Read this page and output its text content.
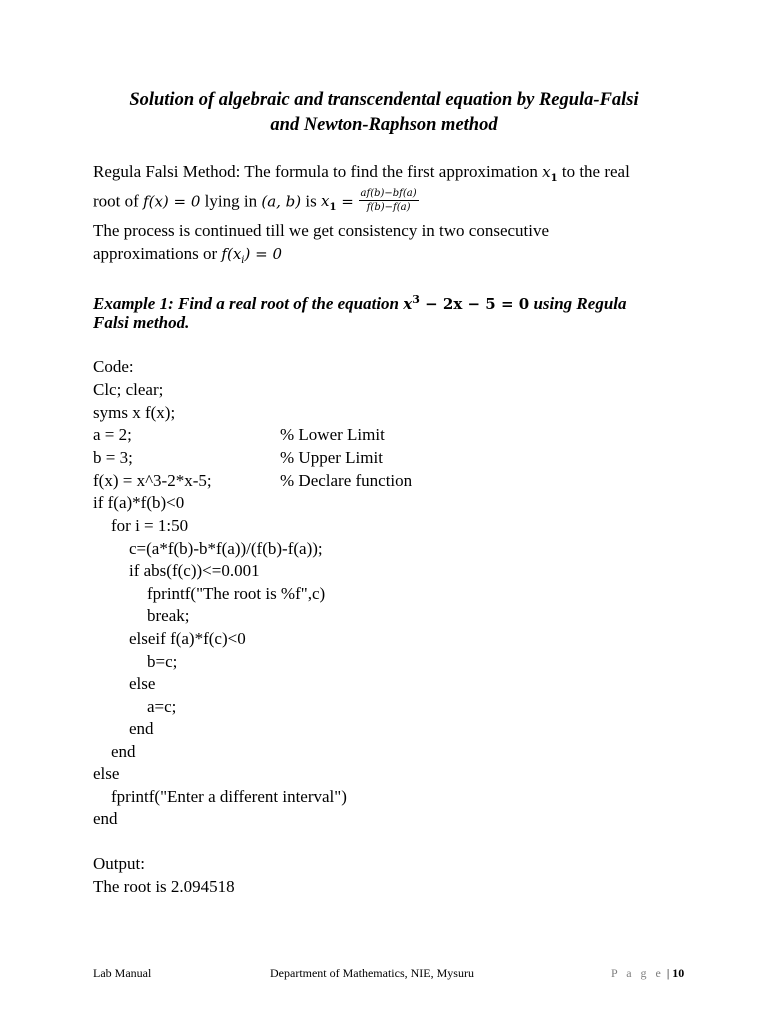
Solution of algebraic and transcendental equation by Regula-Falsi
and Newton-Raphson method
Regula Falsi Method: The formula to find the first approximation $x_1$ to the real
root of f(x) = 0 lying in (a, b) is $x_1 = \frac{af(b)-bf(a)}{f(b)-f(a)}$
The process is continued till we get consistency in two consecutive
approximations or $f(x_i) = 0$
Example 1: Find a real root of the equation $x^3 - 2x - 5 = 0$ using Regula
Falsi method.
Code:
Clc; clear;
syms x f(x);
a = 2;	% Lower Limit
b = 3;	% Upper Limit
f(x) = x^3-2*x-5;	% Declare function
if f(a)*f(b)<0
for i = 1:50
c=(a*f(b)-b*f(a))/(f(b)-f(a));
if abs(f(c))<=0.001
fprintf("The root is %f",c)
break;
elseif f(a)*f(c)<0
b=c;
else
a=c;
end
end
else
fprintf("Enter a different interval")
end
Output:
The root is 2.094518
Lab Manual	Department of Mathematics, NIE, Mysuru	P a g e | 10
